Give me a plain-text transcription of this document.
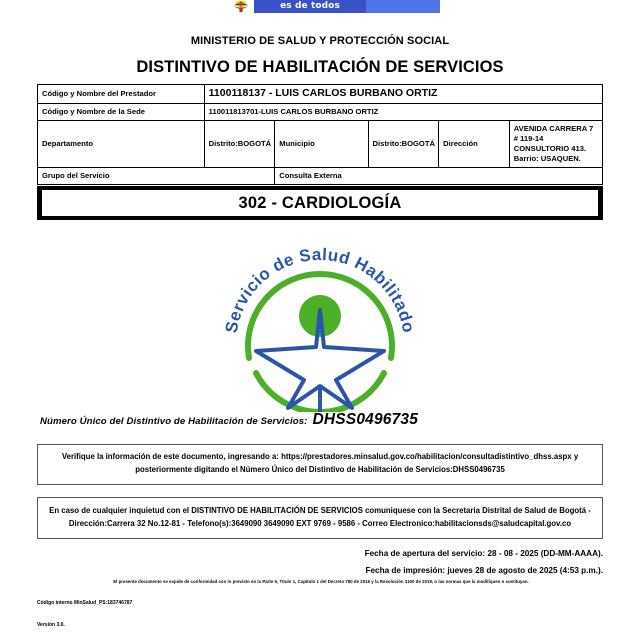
es de todos
MINISTERIO DE SALUD Y PROTECCIÓN SOCIAL
DISTINTIVO DE HABILITACIÓN DE SERVICIOS
Código y Nombre del Prestador	1100118137 - LUIS CARLOS BURBANO ORTIZ				
Código y Nombre de la Sede	110011813701-LUIS CARLOS BURBANO ORTIZ				
Departamento	Distrito:BOGOTÁ	Municipio	Distrito:BOGOTÁ	Dirección	AVENIDA CARRERA 7 # 119-14 CONSULTORIO 413. Barrio: USAQUEN.
Grupo del Servicio		Consulta Externa			
302 - CARDIOLOGÍA
Servicio de Salud Habilitado
Número Único del Distintivo de Habilitación de Servicios: DHSS0496735
Verifique la información de este documento, ingresando a: https://prestadores.minsalud.gov.co/habilitacion/consultadistintivo_dhss.aspx y posteriormente digitando el Número Único del Distintivo de Habilitación de Servicios:DHSS0496735
En caso de cualquier inquietud con el DISTINTIVO DE HABILITACIÓN DE SERVICIOS comuniquese con la Secretaria Distrital de Salud de Bogotá - Dirección:Carrera 32 No.12-81 - Telefono(s):3649090 3649090 EXT 9769 - 9586 - Correo Electronico:habilitacionsds@saludcapital.gov.co
Fecha de apertura del servicio: 28 - 08 - 2025 (DD-MM-AAAA).
Fecha de impresión: jueves 28 de agosto de 2025 (4:53 p.m.).
El presente documento se expide de conformidad con lo previsto en la Parte 5, Título 1, Capítulo 1 del Decreto 780 de 2016 y la Resolución 3100 de 2019, o las normas que la modifiquen o sustituyan.
Código interno MinSalud_PS:183746787
Versión 3.0.
